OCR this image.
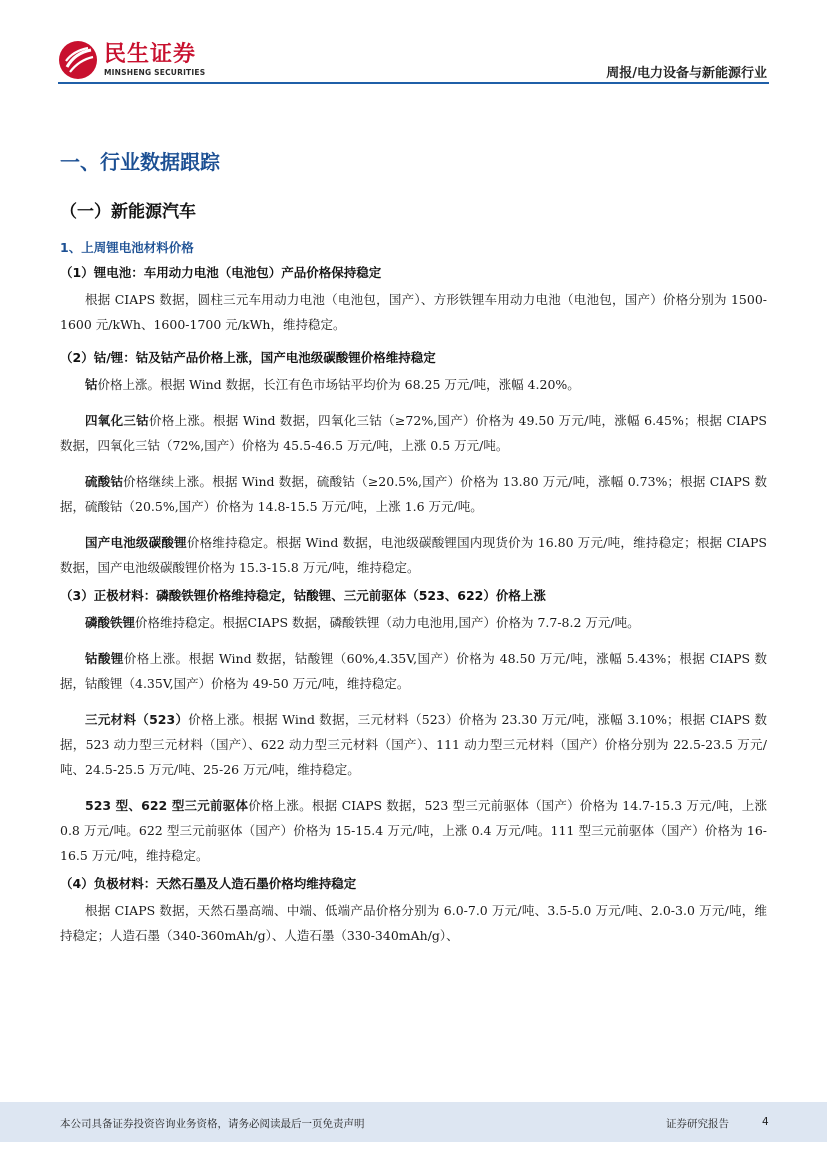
民生证券
MINSHENG SECURITIES	周报/电力设备与新能源行业
一、行业数据跟踪
（一）新能源汽车
1、上周锂电池材料价格
（1）锂电池：车用动力电池（电池包）产品价格保持稳定

根据 CIAPS 数据，圆柱三元车用动力电池（电池包，国产）、方形铁锂车用动力电池（电池包，国产）价格分别为 1500-1600 元/kWh、1600-1700 元/kWh，维持稳定。

（2）钴/锂：钴及钴产品价格上涨，国产电池级碳酸锂价格维持稳定

钴价格上涨。根据 Wind 数据，长江有色市场钴平均价为 68.25 万元/吨，涨幅 4.20%。

四氧化三钴价格上涨。根据 Wind 数据，四氧化三钴（≥72%,国产）价格为 49.50 万元/吨，涨幅 6.45%；根据 CIAPS 数据，四氧化三钴（72%,国产）价格为 45.5-46.5 万元/吨，上涨 0.5 万元/吨。

硫酸钴价格继续上涨。根据 Wind 数据，硫酸钴（≥20.5%,国产）价格为 13.80 万元/吨，涨幅 0.73%；根据 CIAPS 数据，硫酸钴（20.5%,国产）价格为 14.8-15.5 万元/吨，上涨 1.6 万元/吨。

国产电池级碳酸锂价格维持稳定。根据 Wind 数据，电池级碳酸锂国内现货价为 16.80 万元/吨，维持稳定；根据 CIAPS 数据，国产电池级碳酸锂价格为 15.3-15.8 万元/吨，维持稳定。

（3）正极材料：磷酸铁锂价格维持稳定，钴酸锂、三元前驱体（523、622）价格上涨

磷酸铁锂价格维持稳定。根据CIAPS 数据，磷酸铁锂（动力电池用,国产）价格为 7.7-8.2 万元/吨。

钴酸锂价格上涨。根据 Wind 数据，钴酸锂（60%,4.35V,国产）价格为 48.50 万元/吨，涨幅 5.43%；根据 CIAPS 数据，钴酸锂（4.35V,国产）价格为 49-50 万元/吨，维持稳定。

三元材料（523）价格上涨。根据 Wind 数据，三元材料（523）价格为 23.30 万元/吨，涨幅 3.10%；根据 CIAPS 数据，523 动力型三元材料（国产）、622 动力型三元材料（国产）、111 动力型三元材料（国产）价格分别为 22.5-23.5 万元/吨、24.5-25.5 万元/吨、25-26 万元/吨，维持稳定。

523 型、622 型三元前驱体价格上涨。根据 CIAPS 数据，523 型三元前驱体（国产）价格为 14.7-15.3 万元/吨，上涨 0.8 万元/吨。622 型三元前驱体（国产）价格为 15-15.4 万元/吨，上涨 0.4 万元/吨。111 型三元前驱体（国产）价格为 16-16.5 万元/吨，维持稳定。

（4）负极材料：天然石墨及人造石墨价格均维持稳定

根据 CIAPS 数据，天然石墨高端、中端、低端产品价格分别为 6.0-7.0 万元/吨、3.5-5.0 万元/吨、2.0-3.0 万元/吨，维持稳定；人造石墨（340-360mAh/g）、人造石墨（330-340mAh/g）、

本公司具备证券投资咨询业务资格，请务必阅读最后一页免责声明	证券研究报告	4
